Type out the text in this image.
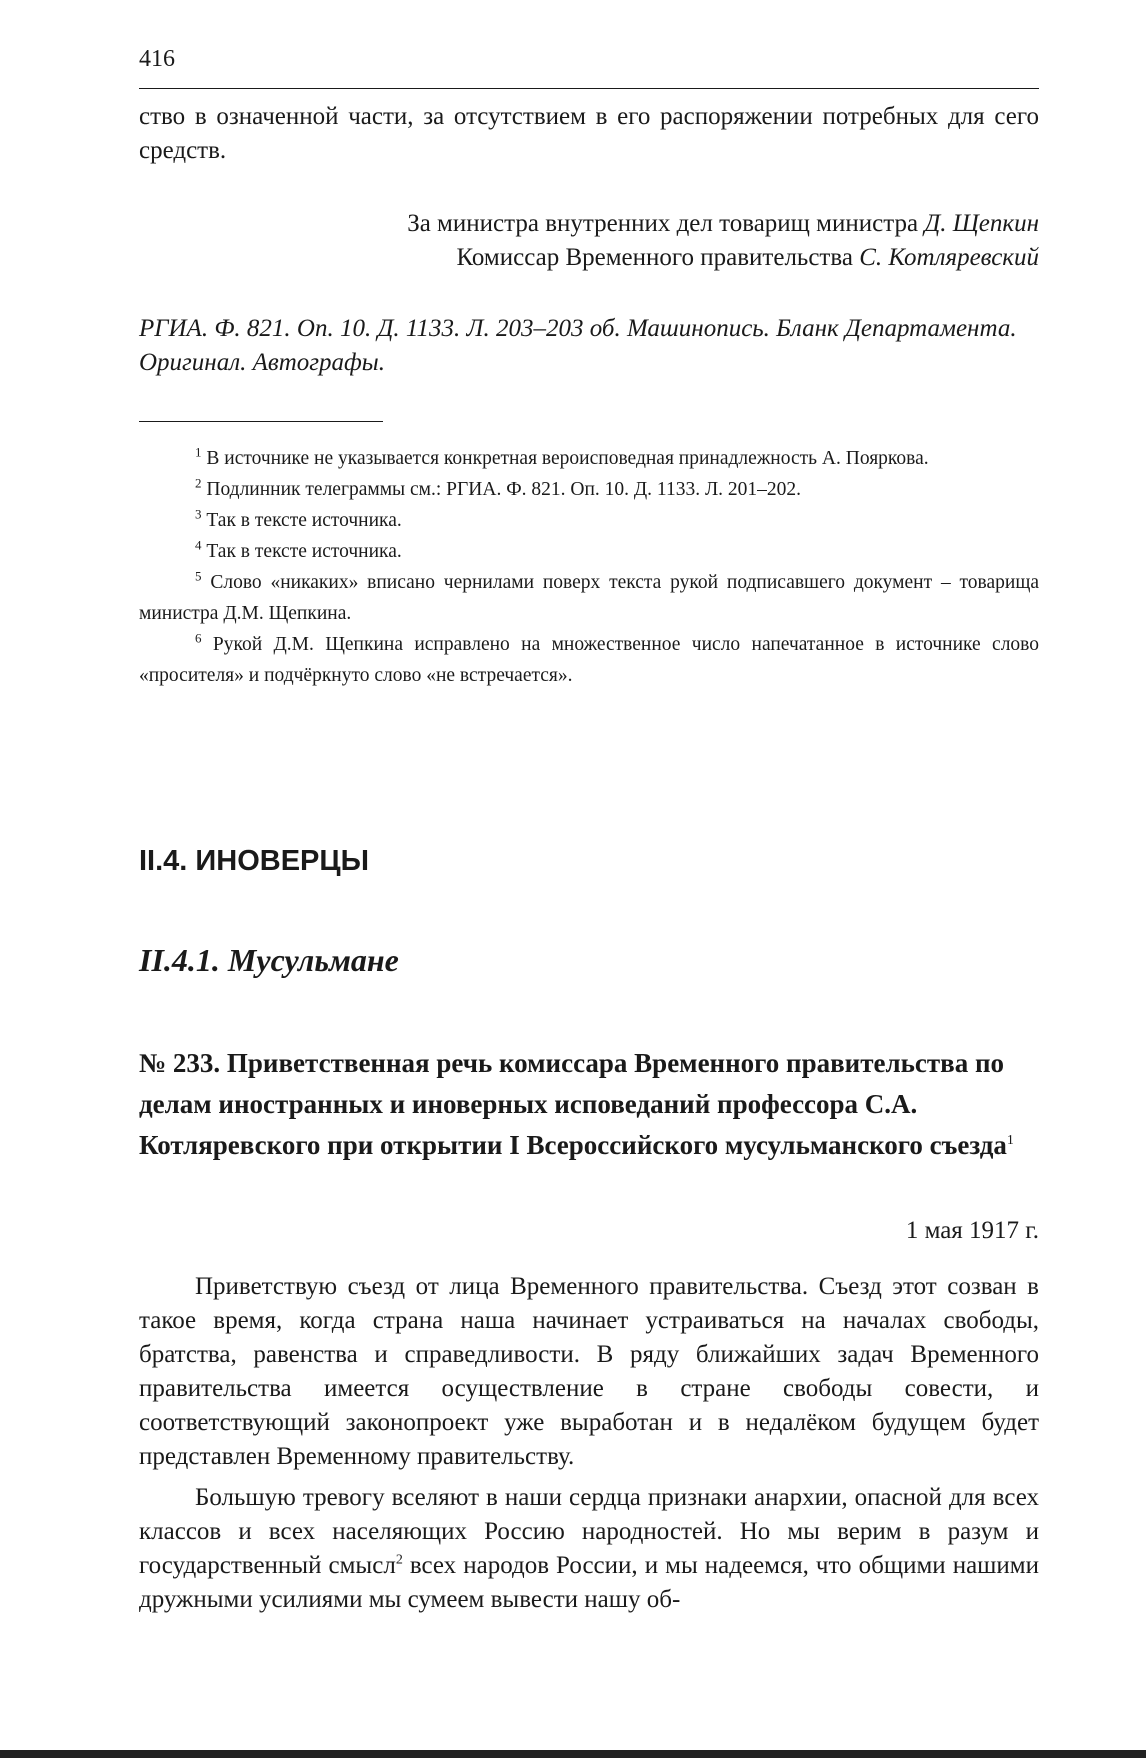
416

ство в означенной части, за отсутствием в его распоряжении потребных для сего средств.

За министра внутренних дел товарищ министра Д. Щепкин

Комиссар Временного правительства С. Котляревский

РГИА. Ф. 821. Оп. 10. Д. 1133. Л. 203–203 об. Машинопись. Бланк Департамента. Оригинал. Автографы.

$^1$ В источнике не указывается конкретная вероисповедная принадлежность А. Пояркова.

$^2$ Подлинник телеграммы см.: РГИА. Ф. 821. Оп. 10. Д. 1133. Л. 201–202.

$^3$ Так в тексте источника.

$^4$ Так в тексте источника.

$^5$ Слово «никаких» вписано чернилами поверх текста рукой подписавшего документ – товарища министра Д.М. Щепкина.

$^6$ Рукой Д.М. Щепкина исправлено на множественное число напечатанное в источнике слово «просителя» и подчёркнуто слово «не встречается».

II.4. ИНОВЕРЦЫ
II.4.1. Мусульмане

№ 233. Приветственная речь комиссара Временного правительства по делам иностранных и иноверных исповеданий профессора С.А. Котляревского при открытии I Всероссийского мусульманского съезда$^1$

1 мая 1917 г.

Приветствую съезд от лица Временного правительства. Съезд этот созван в такое время, когда страна наша начинает устраиваться на началах свободы, братства, равенства и справедливости. В ряду ближайших задач Временного правительства имеется осуществление в стране свободы совести, и соответствующий законопроект уже выработан и в недалёком будущем будет представлен Временному правительству.

Большую тревогу вселяют в наши сердца признаки анархии, опасной для всех классов и всех населяющих Россию народностей. Но мы верим в разум и государственный смысл$^2$ всех народов России, и мы надеемся, что общими нашими дружными усилиями мы сумеем вывести нашу об-
